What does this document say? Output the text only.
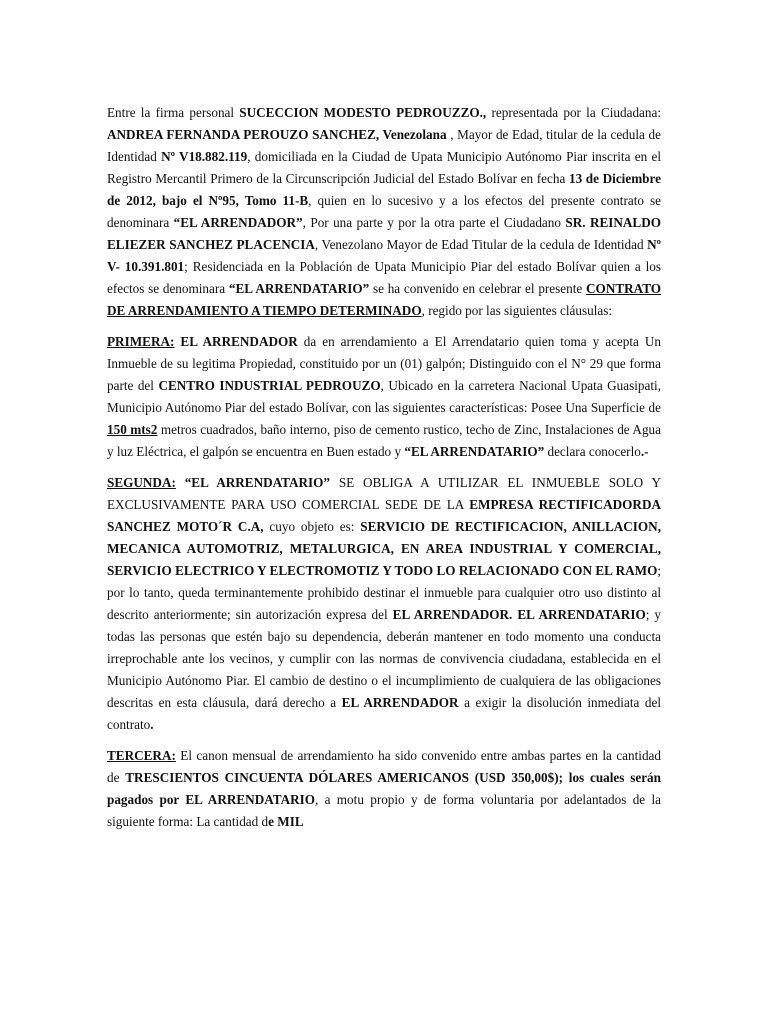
Entre la firma personal SUCECCION MODESTO PEDROUZZO., representada por la Ciudadana: ANDREA FERNANDA PEROUZO SANCHEZ, Venezolana , Mayor de Edad, titular de la cedula de Identidad Nº V18.882.119, domiciliada en la Ciudad de Upata Municipio Autónomo Piar inscrita en el Registro Mercantil Primero de la Circunscripción Judicial del Estado Bolívar en fecha 13 de Diciembre de 2012, bajo el Nº95, Tomo 11-B, quien en lo sucesivo y a los efectos del presente contrato se denominara “EL ARRENDADOR”, Por una parte y por la otra parte el Ciudadano SR. REINALDO ELIEZER SANCHEZ PLACENCIA, Venezolano Mayor de Edad Titular de la cedula de Identidad Nº V- 10.391.801; Residenciada en la Población de Upata Municipio Piar del estado Bolívar quien a los efectos se denominara “EL ARRENDATARIO” se ha convenido en celebrar el presente CONTRATO DE ARRENDAMIENTO A TIEMPO DETERMINADO, regido por las siguientes cláusulas:

PRIMERA: EL ARRENDADOR da en arrendamiento a El Arrendatario quien toma y acepta Un Inmueble de su legitima Propiedad, constituido por un (01) galpón; Distinguido con el N° 29 que forma parte del CENTRO INDUSTRIAL PEDROUZO, Ubicado en la carretera Nacional Upata Guasipati, Municipio Autónomo Piar del estado Bolívar, con las siguientes características: Posee Una Superficie de 150 mts2 metros cuadrados, baño interno, piso de cemento rustico, techo de Zinc, Instalaciones de Agua y luz Eléctrica, el galpón se encuentra en Buen estado y “EL ARRENDATARIO” declara conocerlo.-

SEGUNDA: “EL ARRENDATARIO” SE OBLIGA A UTILIZAR EL INMUEBLE SOLO Y EXCLUSIVAMENTE PARA USO COMERCIAL SEDE DE LA EMPRESA RECTIFICADORDA SANCHEZ MOTO´R C.A, cuyo objeto es: SERVICIO DE RECTIFICACION, ANILLACION, MECANICA AUTOMOTRIZ, METALURGICA, EN AREA INDUSTRIAL Y COMERCIAL, SERVICIO ELECTRICO Y ELECTROMOTIZ Y TODO LO RELACIONADO CON EL RAMO; por lo tanto, queda terminantemente prohibido destinar el inmueble para cualquier otro uso distinto al descrito anteriormente; sin autorización expresa del EL ARRENDADOR. EL ARRENDATARIO; y todas las personas que estén bajo su dependencia, deberán mantener en todo momento una conducta irreprochable ante los vecinos, y cumplir con las normas de convivencia ciudadana, establecida en el Municipio Autónomo Piar. El cambio de destino o el incumplimiento de cualquiera de las obligaciones descritas en esta cláusula, dará derecho a EL ARRENDADOR a exigir la disolución inmediata del contrato.

TERCERA: El canon mensual de arrendamiento ha sido convenido entre ambas partes en la cantidad de TRESCIENTOS CINCUENTA DÓLARES AMERICANOS (USD 350,00$); los cuales serán pagados por EL ARRENDATARIO, a motu propio y de forma voluntaria por adelantados de la siguiente forma: La cantidad de MIL
